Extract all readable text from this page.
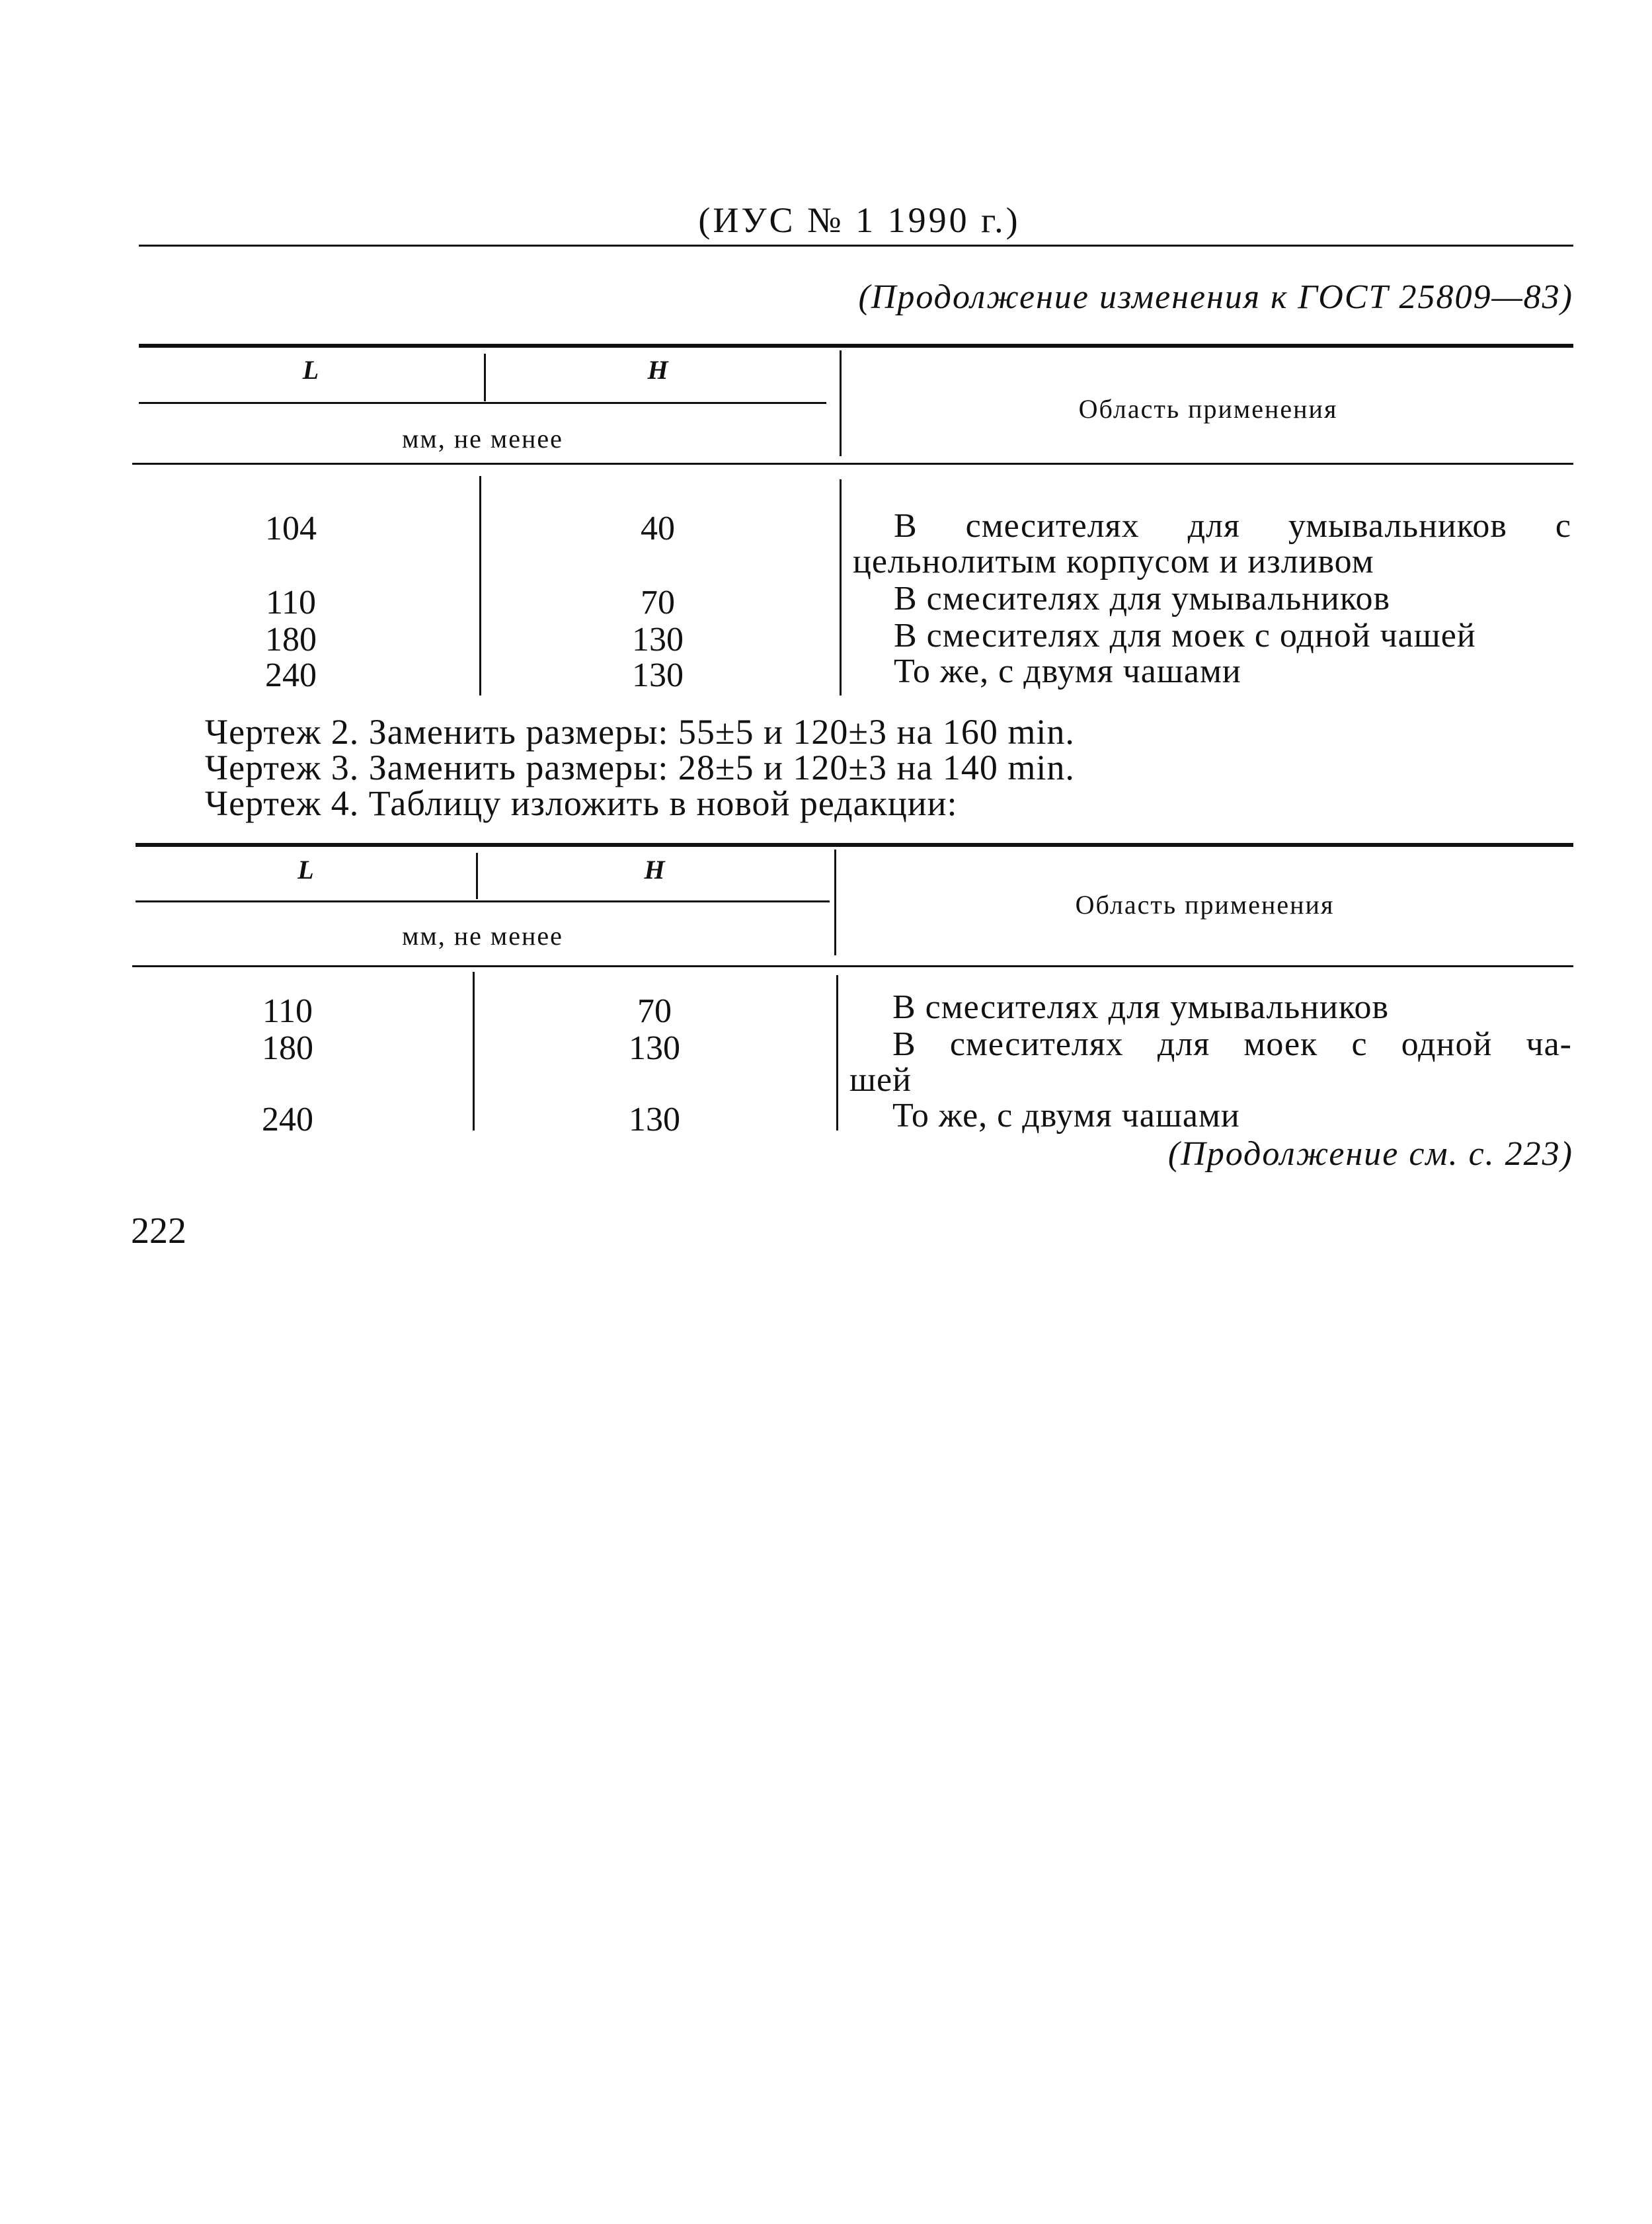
(ИУС № 1 1990 г.)
(Продолжение изменения к ГОСТ 25809—83)
L	H
мм, не менее
Область применения
104	40	В смесителях для умывальников с
цельнолитым корпусом и изливом
110	70	В смесителях для умывальников
180	130	В смесителях для моек с одной чашей
240	130	То же, с двумя чашами
Чертеж 2. Заменить размеры: 55±5 и 120±3 на 160 min.
Чертеж 3. Заменить размеры: 28±5 и 120±3 на 140 min.
Чертеж 4. Таблицу изложить в новой редакции:
L	H
мм, не менее
Область применения
110	70	В смесителях для умывальников
180	130	В смесителях для моек с одной ча-
шей
240	130	То же, с двумя чашами
(Продолжение см. с. 223)
222
